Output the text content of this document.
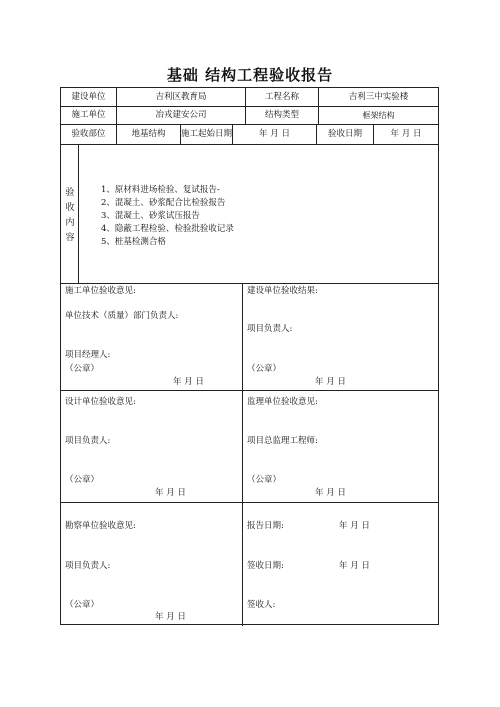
基础 结构工程验收报告
建设单位	吉利区教育局	工程名称	吉利三中实验楼
施工单位	冶戎建安公司	结构类型	框架结构
验收部位	地基结构	施工起始日期	年 月 日	验收日期	年 月 日
验
收
内
容
1、原材料进场检验、复试报告-
2、混凝土、砂浆配合比检验报告
3、混凝土、砂浆试压报告
4、隐蔽工程检验、检验批验收记录
5、桩基检测合格
施工单位验收意见:
单位技术（质量）部门负责人:
项目经理人:
（公章）
年 月 日
建设单位验收结果:
项目负责人:
（公章）
年 月 日
设计单位验收意见:
项目负责人:
（公章）
年 月 日
监理单位验收意见:
项目总监理工程师:
（公章）
年 月 日
勘察单位验收意见:
项目负责人:
（公章）
年 月 日
报告日期:	年 月 日
签收日期:	年 月 日
签收人:
